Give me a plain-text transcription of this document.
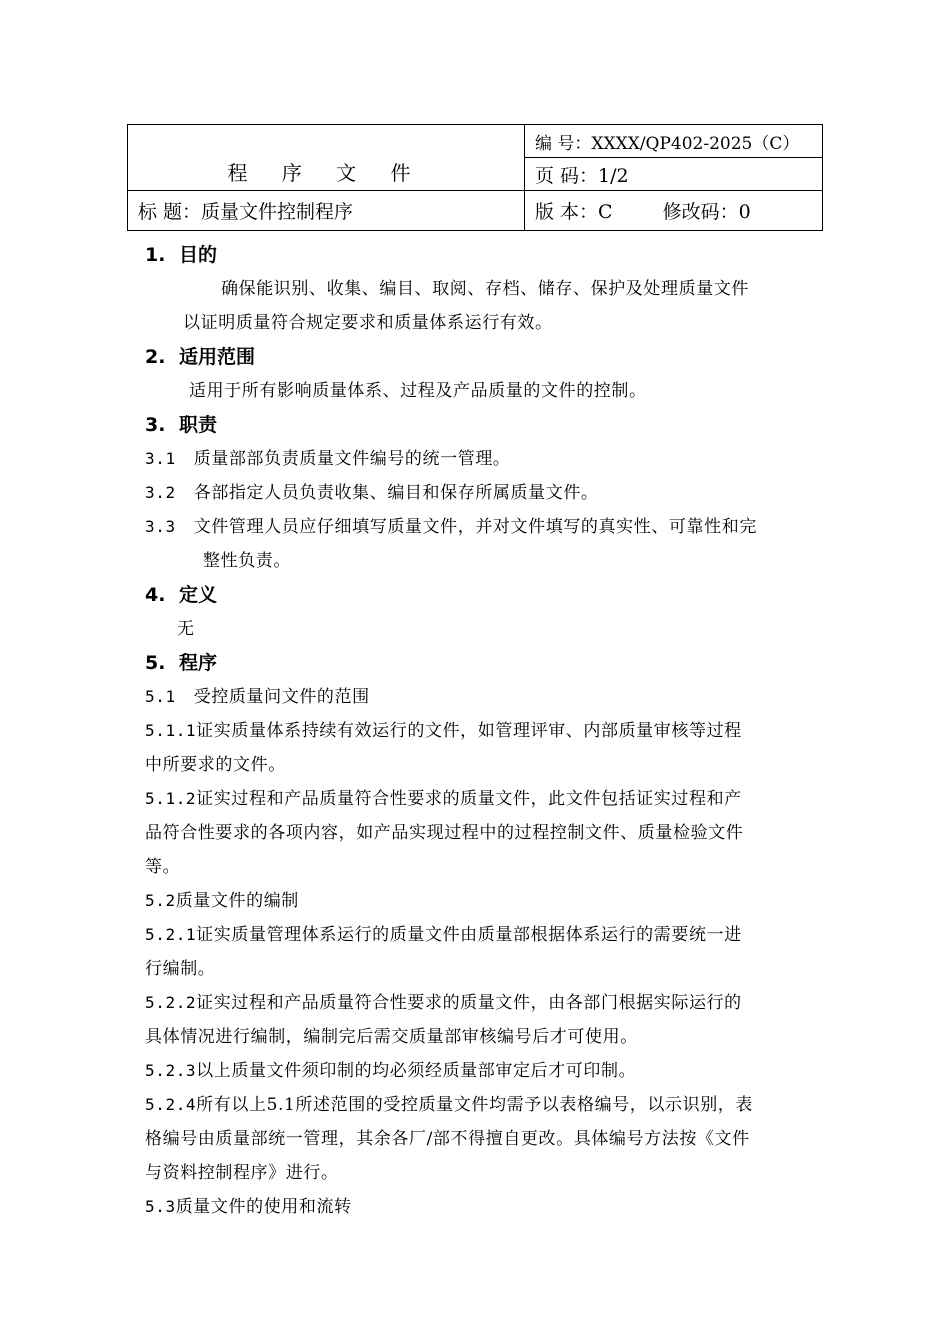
程 序 文 件	编 号：XXXX/QP402-2025（C）
	页 码：1/2
标 题：质量文件控制程序	版 本：C 修改码：0
1. 目的
确保能识别、收集、编目、取阅、存档、储存、保护及处理质量文件
以证明质量符合规定要求和质量体系运行有效。
2. 适用范围
适用于所有影响质量体系、过程及产品质量的文件的控制。
3. 职责
3.1 质量部部负责质量文件编号的统一管理。
3.2 各部指定人员负责收集、编目和保存所属质量文件。
3.3 文件管理人员应仔细填写质量文件，并对文件填写的真实性、可靠性和完
整性负责。
4. 定义
无
5. 程序
5.1 受控质量问文件的范围
5.1.1证实质量体系持续有效运行的文件，如管理评审、内部质量审核等过程
中所要求的文件。
5.1.2证实过程和产品质量符合性要求的质量文件，此文件包括证实过程和产
品符合性要求的各项内容，如产品实现过程中的过程控制文件、质量检验文件
等。
5.2质量文件的编制
5.2.1证实质量管理体系运行的质量文件由质量部根据体系运行的需要统一进
行编制。
5.2.2证实过程和产品质量符合性要求的质量文件，由各部门根据实际运行的
具体情况进行编制，编制完后需交质量部审核编号后才可使用。
5.2.3以上质量文件须印制的均必须经质量部审定后才可印制。
5.2.4所有以上5.1所述范围的受控质量文件均需予以表格编号，以示识别，表
格编号由质量部统一管理，其余各厂/部不得擅自更改。具体编号方法按《文件
与资料控制程序》进行。
5.3质量文件的使用和流转
